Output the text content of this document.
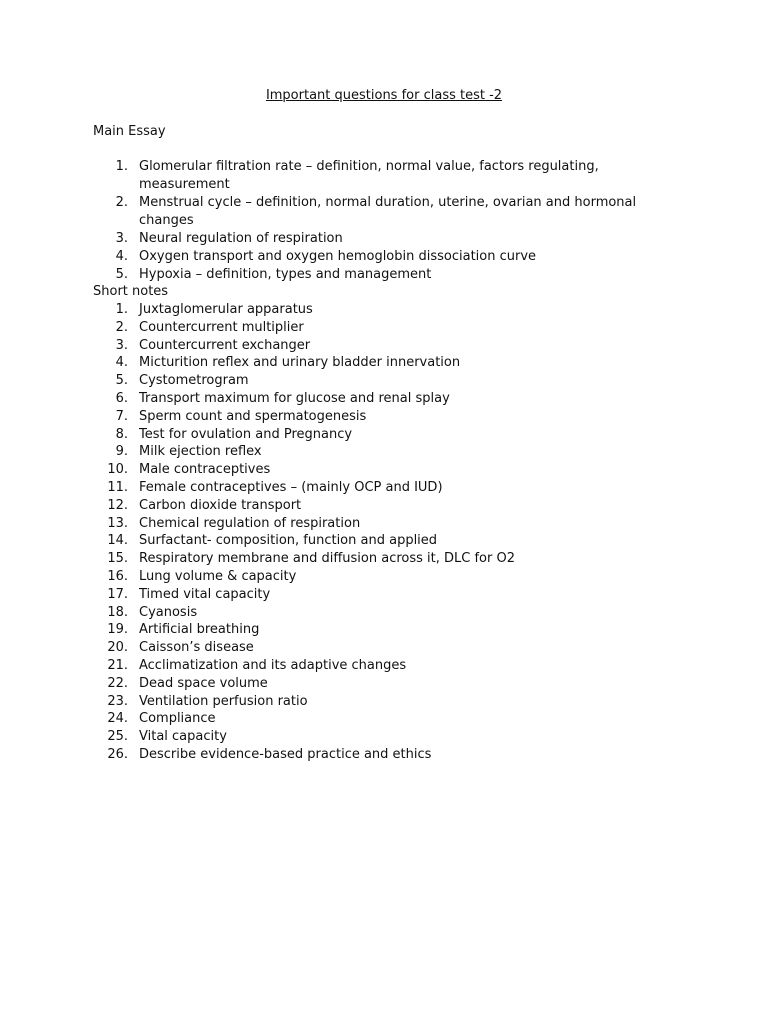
Important questions for class test -2
Main Essay
1. Glomerular filtration rate – definition, normal value, factors regulating, measurement
2. Menstrual cycle – definition, normal duration, uterine, ovarian and hormonal changes
3. Neural regulation of respiration
4. Oxygen transport and oxygen hemoglobin dissociation curve
5. Hypoxia – definition, types and management
Short notes
1. Juxtaglomerular apparatus
2. Countercurrent multiplier
3. Countercurrent exchanger
4. Micturition reflex and urinary bladder innervation
5. Cystometrogram
6. Transport maximum for glucose and renal splay
7. Sperm count and spermatogenesis
8. Test for ovulation and Pregnancy
9. Milk ejection reflex
10. Male contraceptives
11. Female contraceptives – (mainly OCP and IUD)
12. Carbon dioxide transport
13. Chemical regulation of respiration
14. Surfactant- composition, function and applied
15. Respiratory membrane and diffusion across it, DLC for O2
16. Lung volume & capacity
17. Timed vital capacity
18. Cyanosis
19. Artificial breathing
20. Caisson’s disease
21. Acclimatization and its adaptive changes
22. Dead space volume
23. Ventilation perfusion ratio
24. Compliance
25. Vital capacity
26. Describe evidence-based practice and ethics
